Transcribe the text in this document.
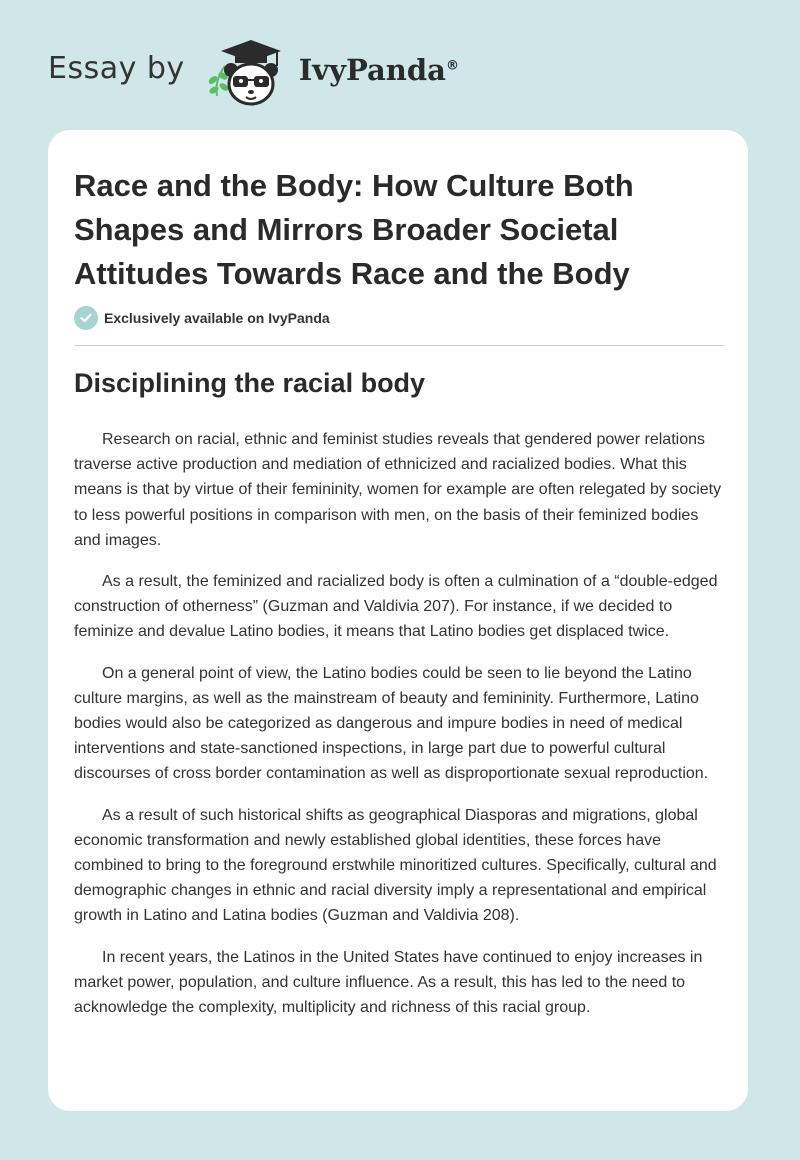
Essay by	IvyPanda®
Race and the Body: How Culture Both Shapes and Mirrors Broader Societal Attitudes Towards Race and the Body
Exclusively available on IvyPanda
Disciplining the racial body

Research on racial, ethnic and feminist studies reveals that gendered power relations traverse active production and mediation of ethnicized and racialized bodies. What this means is that by virtue of their femininity, women for example are often relegated by society to less powerful positions in comparison with men, on the basis of their feminized bodies and images.

As a result, the feminized and racialized body is often a culmination of a “double-edged construction of otherness” (Guzman and Valdivia 207). For instance, if we decided to feminize and devalue Latino bodies, it means that Latino bodies get displaced twice.

On a general point of view, the Latino bodies could be seen to lie beyond the Latino culture margins, as well as the mainstream of beauty and femininity. Furthermore, Latino bodies would also be categorized as dangerous and impure bodies in need of medical interventions and state-sanctioned inspections, in large part due to powerful cultural discourses of cross border contamination as well as disproportionate sexual reproduction.

As a result of such historical shifts as geographical Diasporas and migrations, global economic transformation and newly established global identities, these forces have combined to bring to the foreground erstwhile minoritized cultures. Specifically, cultural and demographic changes in ethnic and racial diversity imply a representational and empirical growth in Latino and Latina bodies (Guzman and Valdivia 208).

In recent years, the Latinos in the United States have continued to enjoy increases in market power, population, and culture influence. As a result, this has led to the need to acknowledge the complexity, multiplicity and richness of this racial group.
